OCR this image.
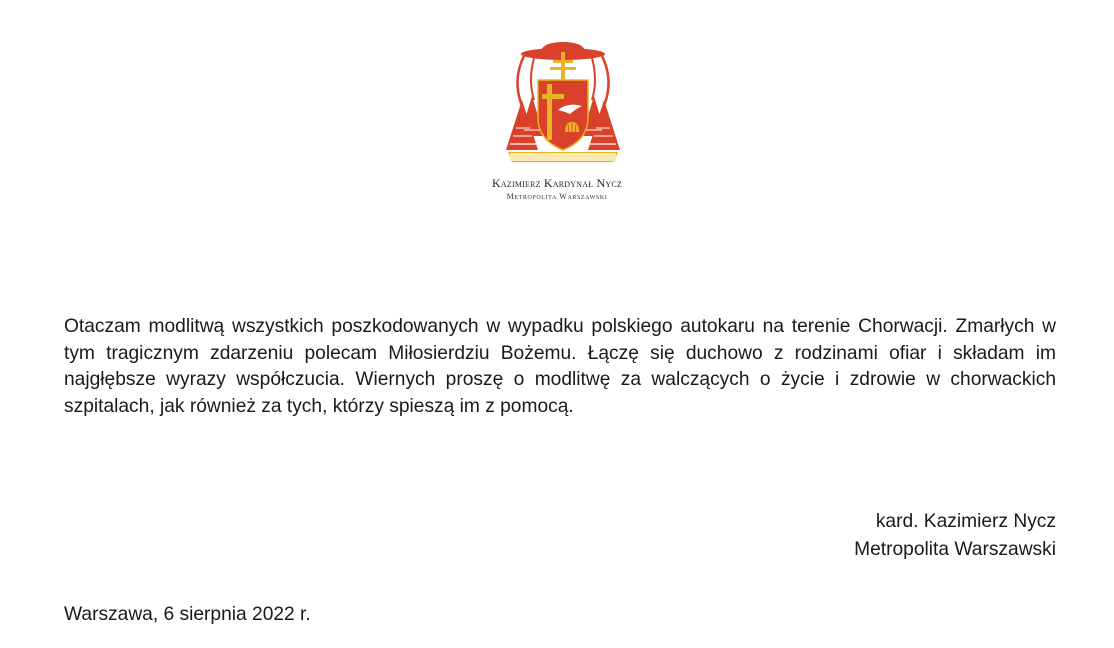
Kazimierz Kardynał Nycz
Metropolita Warszawski

Otaczam modlitwą wszystkich poszkodowanych w wypadku polskiego autokaru na terenie Chorwacji. Zmarłych w tym tragicznym zdarzeniu polecam Miłosierdziu Bożemu. Łączę się duchowo z rodzinami ofiar i składam im najgłębsze wyrazy współczucia. Wiernych proszę o modlitwę za walczących o życie i zdrowie w chorwackich szpitalach, jak również za tych, którzy spieszą im z pomocą.

kard. Kazimierz Nycz
Metropolita Warszawski
Warszawa, 6 sierpnia 2022 r.
